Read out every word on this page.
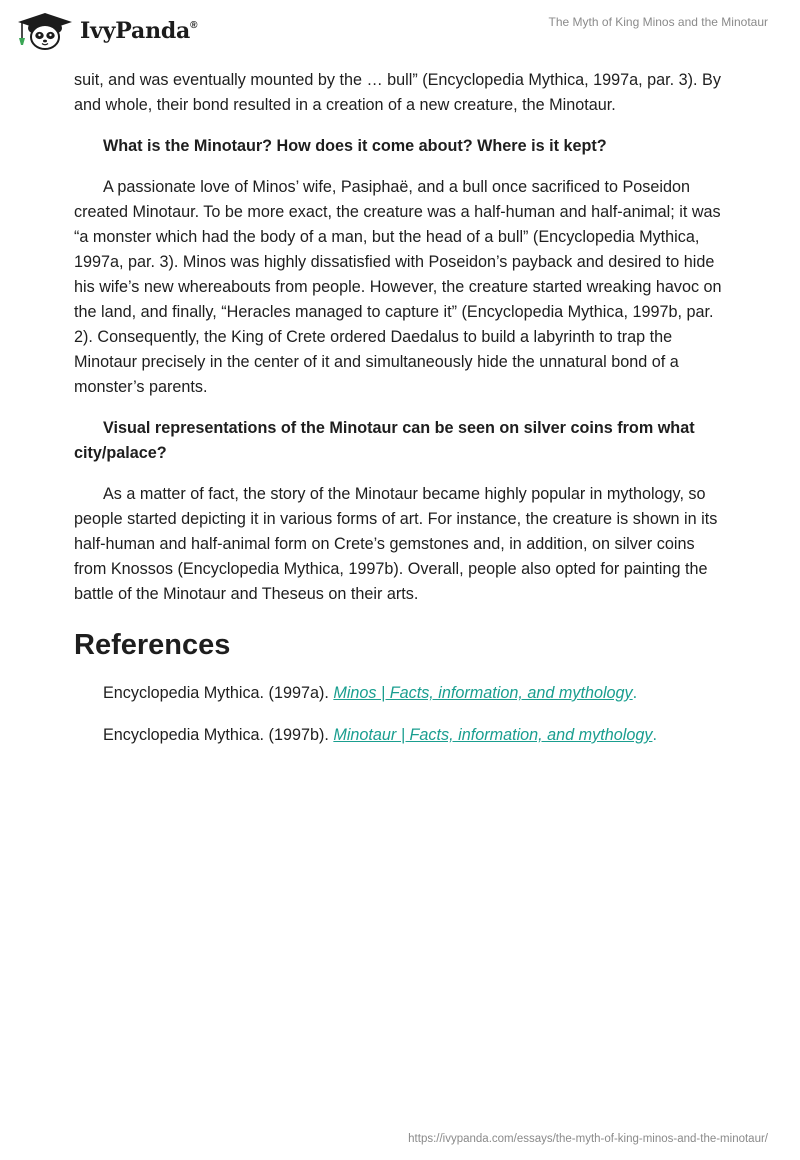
IvyPanda®	The Myth of King Minos and the Minotaur

suit, and was eventually mounted by the … bull” (Encyclopedia Mythica, 1997a, par. 3). By and whole, their bond resulted in a creation of a new creature, the Minotaur.

What is the Minotaur? How does it come about? Where is it kept?

A passionate love of Minos’ wife, Pasiphaë, and a bull once sacrificed to Poseidon created Minotaur. To be more exact, the creature was a half-human and half-animal; it was “a monster which had the body of a man, but the head of a bull” (Encyclopedia Mythica, 1997a, par. 3). Minos was highly dissatisfied with Poseidon’s payback and desired to hide his wife’s new whereabouts from people. However, the creature started wreaking havoc on the land, and finally, “Heracles managed to capture it” (Encyclopedia Mythica, 1997b, par. 2). Consequently, the King of Crete ordered Daedalus to build a labyrinth to trap the Minotaur precisely in the center of it and simultaneously hide the unnatural bond of a monster’s parents.

Visual representations of the Minotaur can be seen on silver coins from what city/palace?

As a matter of fact, the story of the Minotaur became highly popular in mythology, so people started depicting it in various forms of art. For instance, the creature is shown in its half-human and half-animal form on Crete’s gemstones and, in addition, on silver coins from Knossos (Encyclopedia Mythica, 1997b). Overall, people also opted for painting the battle of the Minotaur and Theseus on their arts.

References
Encyclopedia Mythica. (1997a). Minos | Facts, information, and mythology.
Encyclopedia Mythica. (1997b). Minotaur | Facts, information, and mythology.
https://ivypanda.com/essays/the-myth-of-king-minos-and-the-minotaur/
